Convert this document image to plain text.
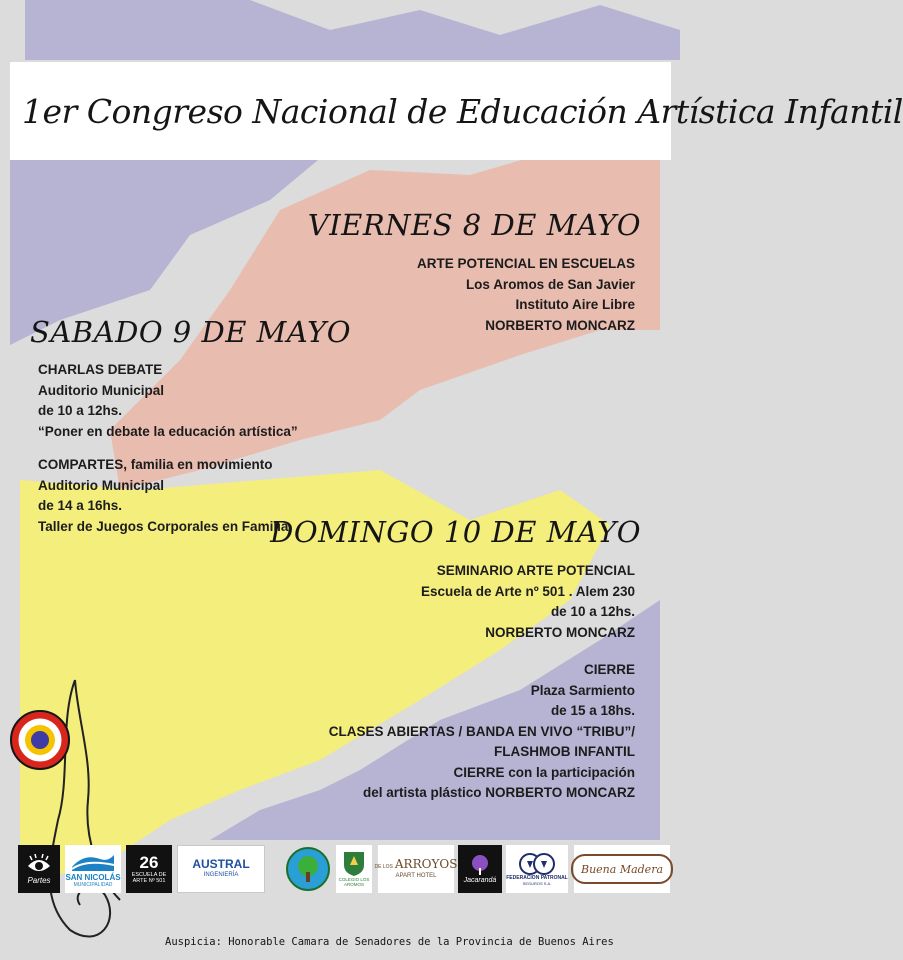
1er Congreso Nacional de Educación Artística Infantil
VIERNES 8 DE MAYO
ARTE POTENCIAL EN ESCUELAS
Los Aromos de San Javier
Instituto Aire Libre
NORBERTO MONCARZ
SABADO 9 DE MAYO
CHARLAS DEBATE
Auditorio Municipal
de 10 a 12hs.
“Poner en debate la educación artística”
COMPARTES, familia en movimiento
Auditorio Municipal
de 14 a 16hs.
Taller de Juegos Corporales en Familia
DOMINGO 10 DE MAYO
SEMINARIO ARTE POTENCIAL
Escuela de Arte nº 501 . Alem 230
de 10 a 12hs.
NORBERTO MONCARZ
CIERRE
Plaza Sarmiento
de 15 a 18hs.
CLASES ABIERTAS / BANDA EN VIVO “TRIBU”/
FLASHMOB INFANTIL
CIERRE con la participación
del artista plástico NORBERTO MONCARZ
Partes SAN NICOLÁS
MUNICIPALIDAD
26
ESCUELA DE ARTE Nº 501
AUSTRAL
INGENIERÍA
COLEGIO LOS AROMOS
DE LOS ARROYOS
APART HOTEL
Jacarandá FEDERACION PATRONAL
SEGUROS S.A.
Buena Madera
Auspicia: Honorable Camara de Senadores de la Provincia de Buenos Aires
